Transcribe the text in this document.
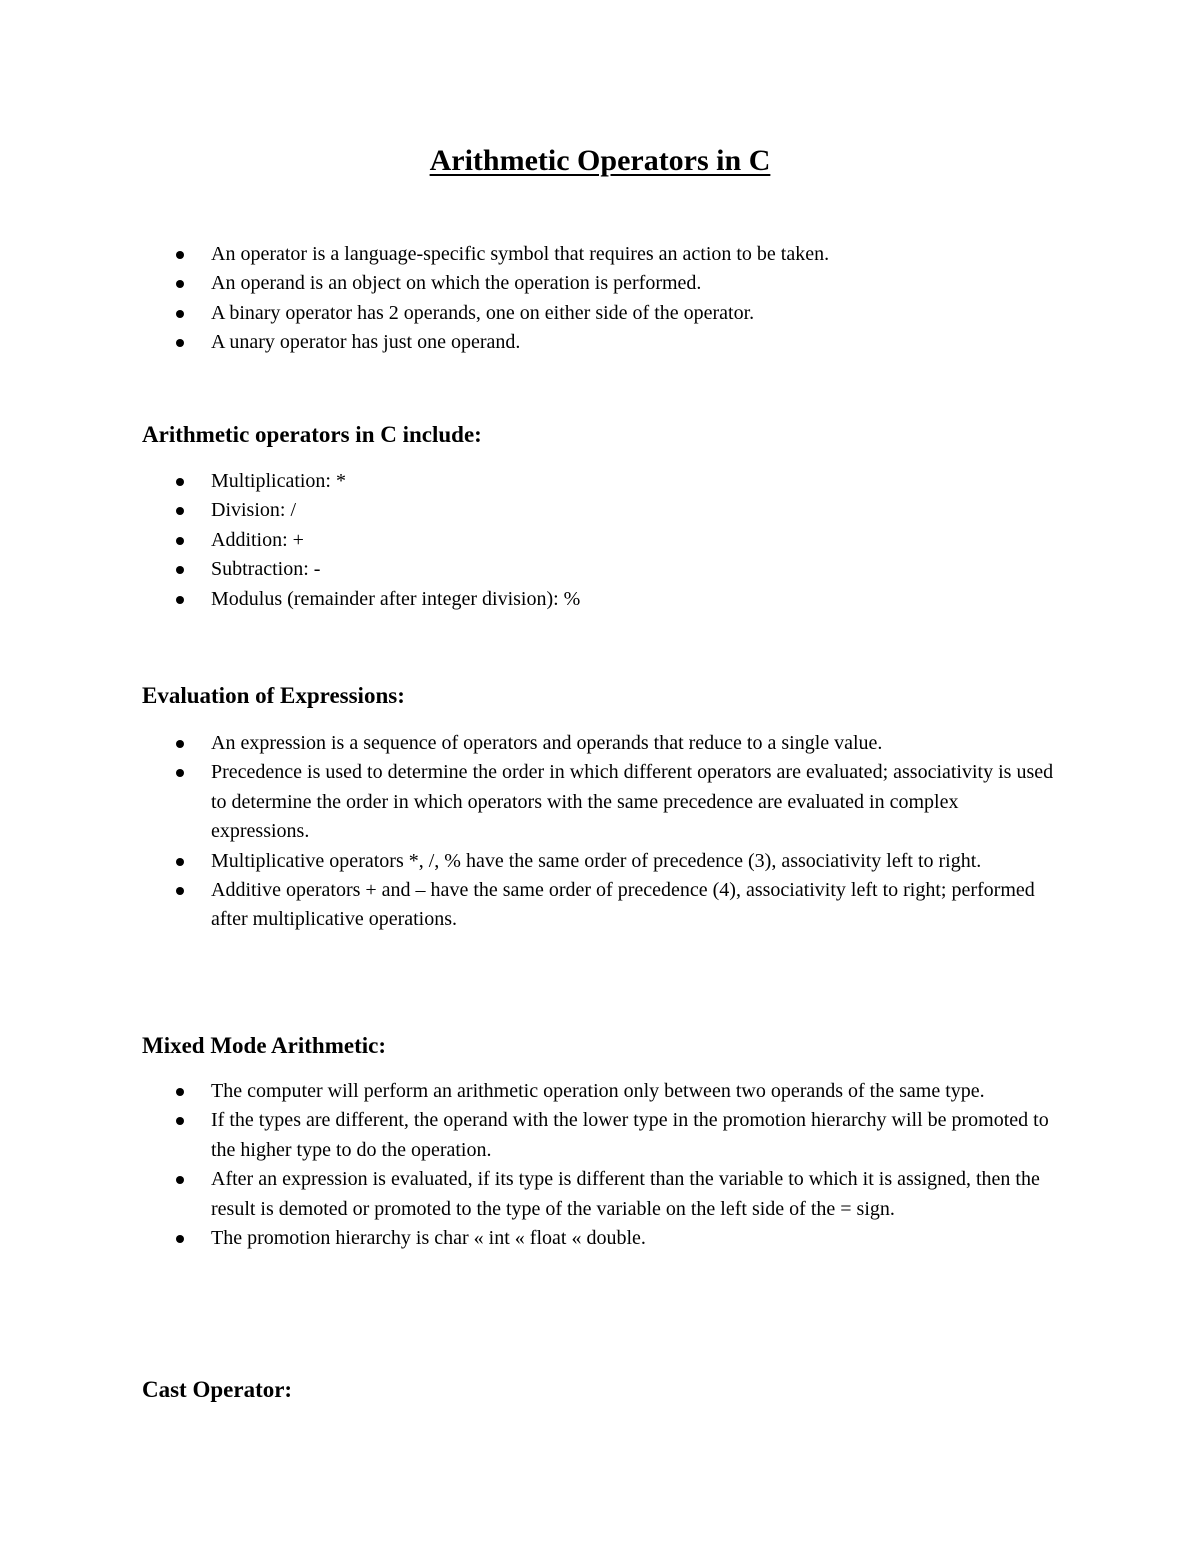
Arithmetic Operators in C
An operator is a language-specific symbol that requires an action to be taken.
An operand is an object on which the operation is performed.
A binary operator has 2 operands, one on either side of the operator.
A unary operator has just one operand.
Arithmetic operators in C include:
Multiplication: *
Division: /
Addition: +
Subtraction: -
Modulus (remainder after integer division): %
Evaluation of Expressions:
An expression is a sequence of operators and operands that reduce to a single value.
Precedence is used to determine the order in which different operators are evaluated; associativity is used to determine the order in which operators with the same precedence are evaluated in complex expressions.
Multiplicative operators *, /, % have the same order of precedence (3), associativity left to right.
Additive operators + and – have the same order of precedence (4), associativity left to right; performed after multiplicative operations.
Mixed Mode Arithmetic:
The computer will perform an arithmetic operation only between two operands of the same type.
If the types are different, the operand with the lower type in the promotion hierarchy will be promoted to the higher type to do the operation.
After an expression is evaluated, if its type is different than the variable to which it is assigned, then the result is demoted or promoted to the type of the variable on the left side of the = sign.
The promotion hierarchy is char « int « float « double.
Cast Operator:
